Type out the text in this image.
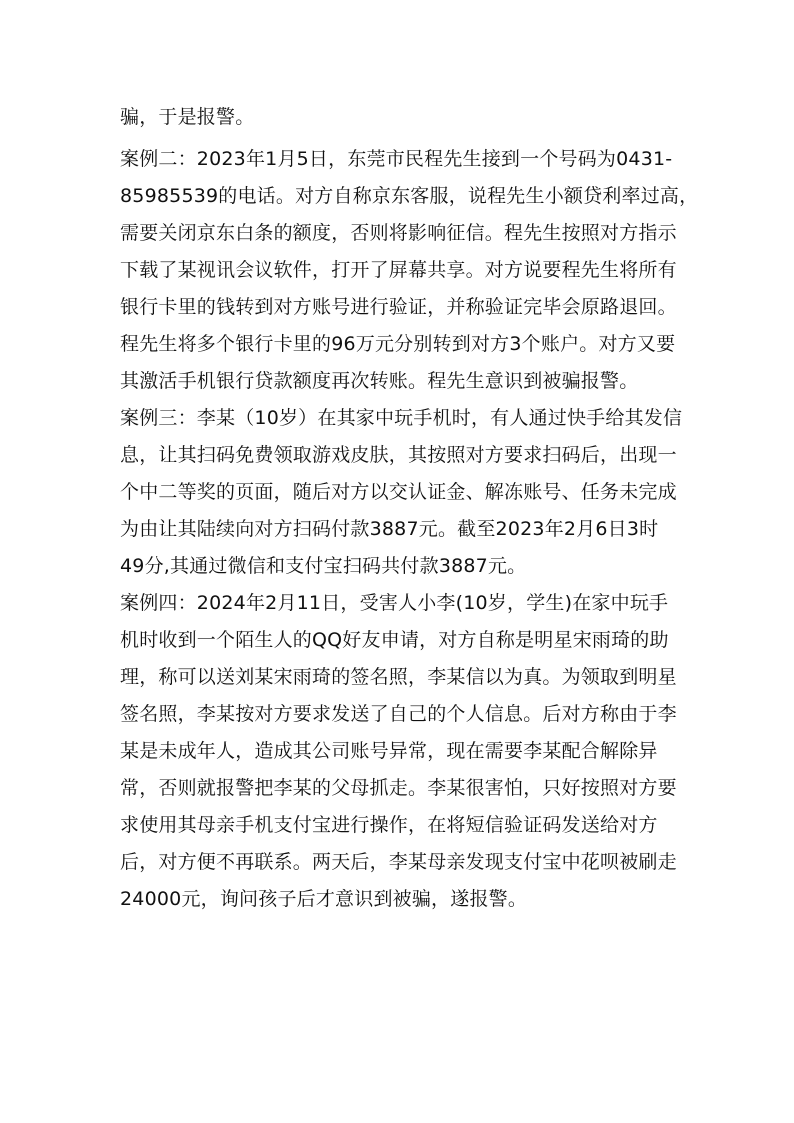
骗，于是报警。
案例二：2023年1月5日，东莞市民程先生接到一个号码为0431-
85985539的电话。对方自称京东客服，说程先生小额贷利率过高，
需要关闭京东白条的额度，否则将影响征信。程先生按照对方指示
下载了某视讯会议软件，打开了屏幕共享。对方说要程先生将所有
银行卡里的钱转到对方账号进行验证，并称验证完毕会原路退回。
程先生将多个银行卡里的96万元分别转到对方3个账户。对方又要
其激活手机银行贷款额度再次转账。程先生意识到被骗报警。
案例三：李某（10岁）在其家中玩手机时，有人通过快手给其发信
息，让其扫码免费领取游戏皮肤，其按照对方要求扫码后，出现一
个中二等奖的页面，随后对方以交认证金、解冻账号、任务未完成
为由让其陆续向对方扫码付款3887元。截至2023年2月6日3时
49分,其通过微信和支付宝扫码共付款3887元。
案例四：2024年2月11日，受害人小李(10岁，学生)在家中玩手
机时收到一个陌生人的QQ好友申请，对方自称是明星宋雨琦的助
理，称可以送刘某宋雨琦的签名照，李某信以为真。为领取到明星
签名照，李某按对方要求发送了自己的个人信息。后对方称由于李
某是未成年人，造成其公司账号异常，现在需要李某配合解除异
常，否则就报警把李某的父母抓走。李某很害怕，只好按照对方要
求使用其母亲手机支付宝进行操作，在将短信验证码发送给对方
后，对方便不再联系。两天后，李某母亲发现支付宝中花呗被刷走
24000元，询问孩子后才意识到被骗，遂报警。
